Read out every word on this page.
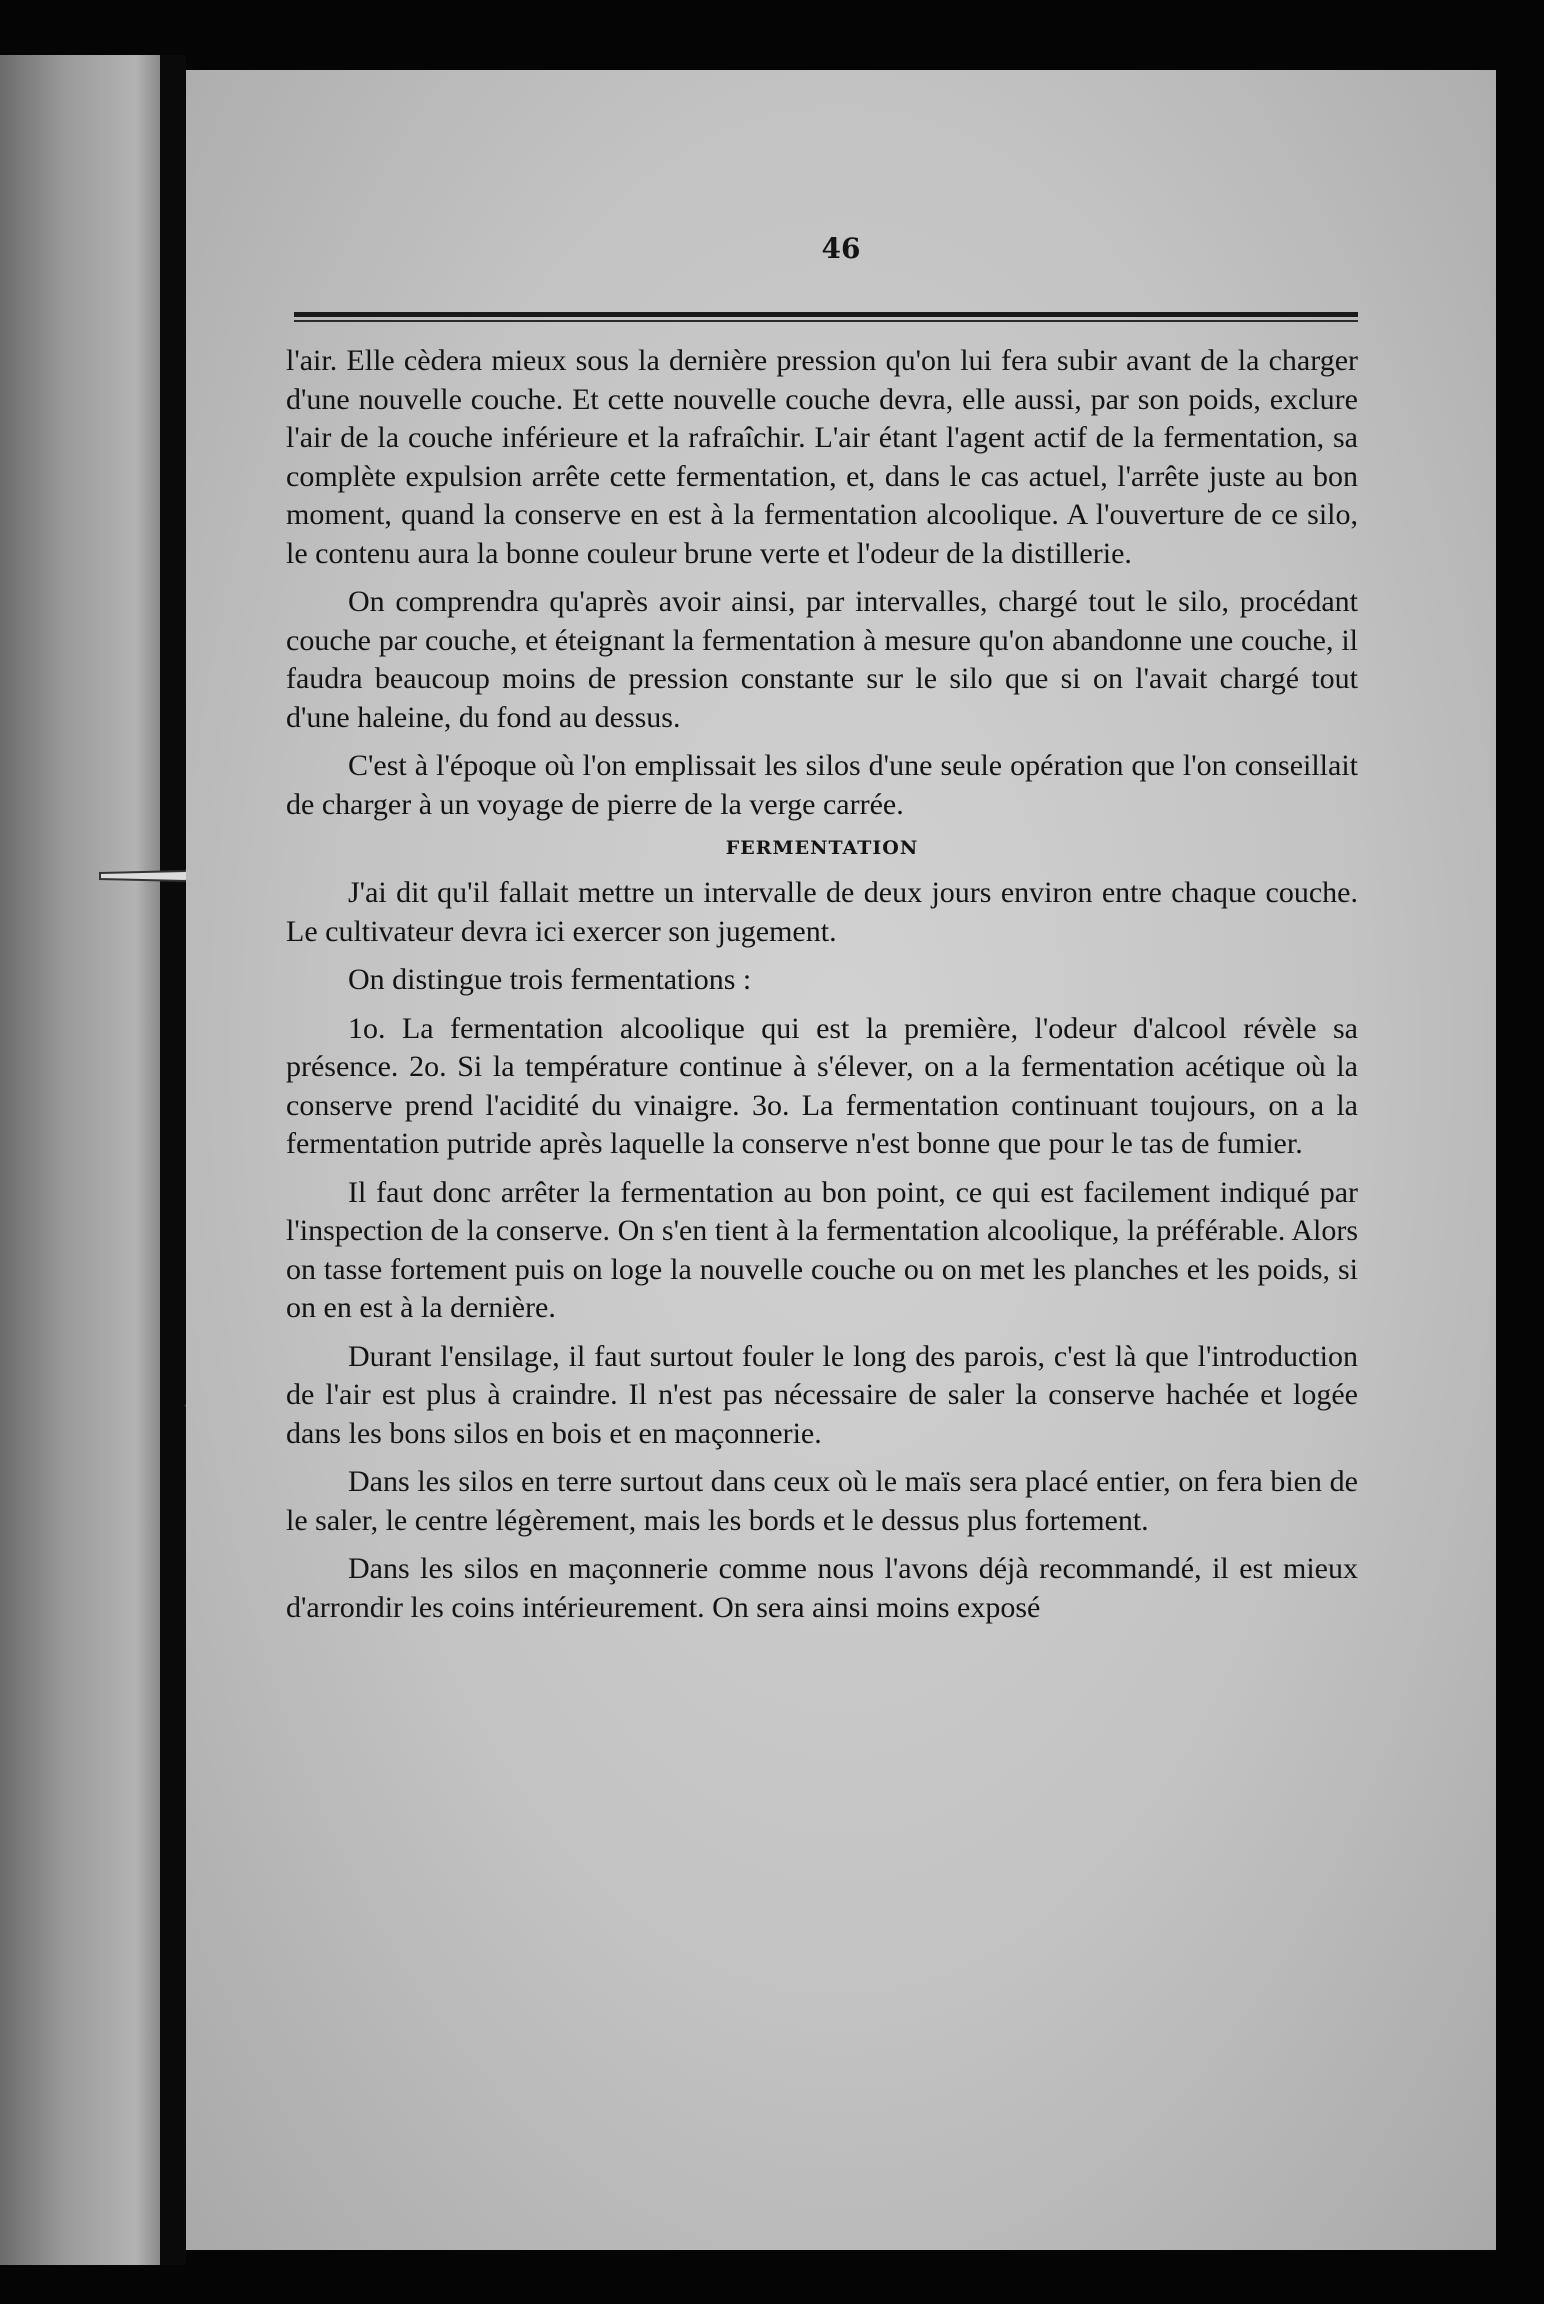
46

l'air. Elle cèdera mieux sous la dernière pression qu'on lui fera subir avant de la charger d'une nouvelle couche. Et cette nouvelle couche devra, elle aussi, par son poids, exclure l'air de la couche inférieure et la rafraîchir. L'air étant l'agent actif de la fermentation, sa complète expulsion arrête cette fermentation, et, dans le cas actuel, l'arrête juste au bon moment, quand la conserve en est à la fermentation alcoolique. A l'ouverture de ce silo, le contenu aura la bonne couleur brune verte et l'odeur de la distillerie.

On comprendra qu'après avoir ainsi, par intervalles, chargé tout le silo, procédant couche par couche, et éteignant la fermentation à mesure qu'on abandonne une couche, il faudra beaucoup moins de pression constante sur le silo que si on l'avait chargé tout d'une haleine, du fond au dessus.

C'est à l'époque où l'on emplissait les silos d'une seule opération que l'on conseillait de charger à un voyage de pierre de la verge carrée.

FERMENTATION

J'ai dit qu'il fallait mettre un intervalle de deux jours environ entre chaque couche. Le cultivateur devra ici exercer son jugement.

On distingue trois fermentations :

1o. La fermentation alcoolique qui est la première, l'odeur d'alcool révèle sa présence. 2o. Si la température continue à s'élever, on a la fermentation acétique où la conserve prend l'acidité du vinaigre. 3o. La fermentation continuant toujours, on a la fermentation putride après laquelle la conserve n'est bonne que pour le tas de fumier.

Il faut donc arrêter la fermentation au bon point, ce qui est facilement indiqué par l'inspection de la conserve. On s'en tient à la fermentation alcoolique, la préférable. Alors on tasse fortement puis on loge la nouvelle couche ou on met les planches et les poids, si on en est à la dernière.

Durant l'ensilage, il faut surtout fouler le long des parois, c'est là que l'introduction de l'air est plus à craindre. Il n'est pas nécessaire de saler la conserve hachée et logée dans les bons silos en bois et en maçonnerie.

Dans les silos en terre surtout dans ceux où le maïs sera placé entier, on fera bien de le saler, le centre légèrement, mais les bords et le dessus plus fortement.

Dans les silos en maçonnerie comme nous l'avons déjà recommandé, il est mieux d'arrondir les coins intérieurement. On sera ainsi moins exposé
